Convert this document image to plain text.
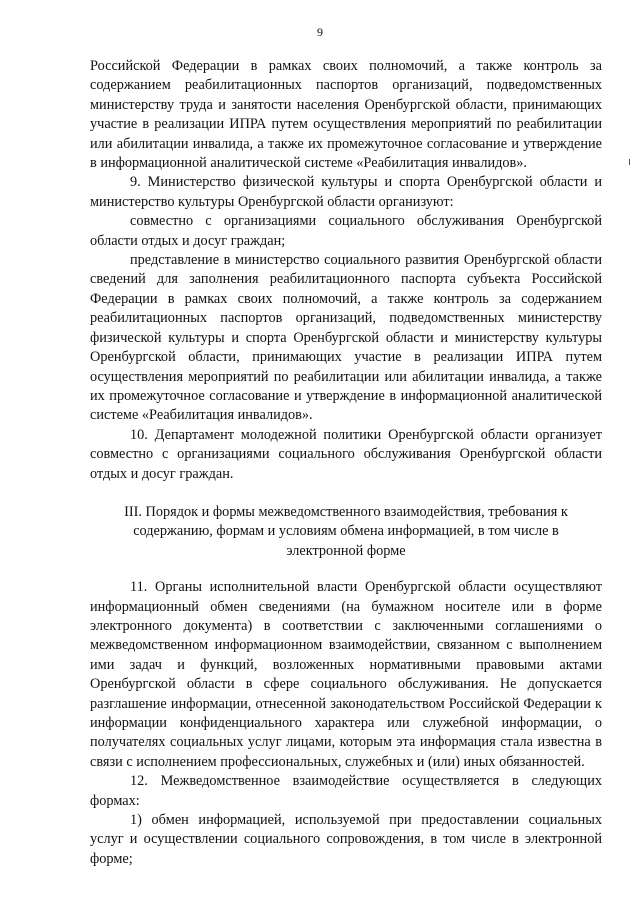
9

Российской Федерации в рамках своих полномочий, а также контроль за содержанием реабилитационных паспортов организаций, подведомственных министерству труда и занятости населения Оренбургской области, принимающих участие в реализации ИПРА путем осуществления мероприятий по реабилитации или абилитации инвалида, а также их промежуточное согласование и утверждение в информационной аналитической системе «Реабилитация инвалидов».

9. Министерство физической культуры и спорта Оренбургской области и министерство культуры Оренбургской области организуют:

совместно с организациями социального обслуживания Оренбургской области отдых и досуг граждан;

представление в министерство социального развития Оренбургской области сведений для заполнения реабилитационного паспорта субъекта Российской Федерации в рамках своих полномочий, а также контроль за содержанием реабилитационных паспортов организаций, подведомственных министерству физической культуры и спорта Оренбургской области и министерству культуры Оренбургской области, принимающих участие в реализации ИПРА путем осуществления мероприятий по реабилитации или абилитации инвалида, а также их промежуточное согласование и утверждение в информационной аналитической системе «Реабилитация инвалидов».

10. Департамент молодежной политики Оренбургской области организует совместно с организациями социального обслуживания Оренбургской области отдых и досуг граждан.

III. Порядок и формы межведомственного взаимодействия, требования к содержанию, формам и условиям обмена информацией, в том числе в электронной форме

11. Органы исполнительной власти Оренбургской области осуществляют информационный обмен сведениями (на бумажном носителе или в форме электронного документа) в соответствии с заключенными соглашениями о межведомственном информационном взаимодействии, связанном с выполнением ими задач и функций, возложенных нормативными правовыми актами Оренбургской области в сфере социального обслуживания. Не допускается разглашение информации, отнесенной законодательством Российской Федерации к информации конфиденциального характера или служебной информации, о получателях социальных услуг лицами, которым эта информация стала известна в связи с исполнением профессиональных, служебных и (или) иных обязанностей.

12. Межведомственное взаимодействие осуществляется в следующих формах:

1) обмен информацией, используемой при предоставлении социальных услуг и осуществлении социального сопровождения, в том числе в электронной форме;
